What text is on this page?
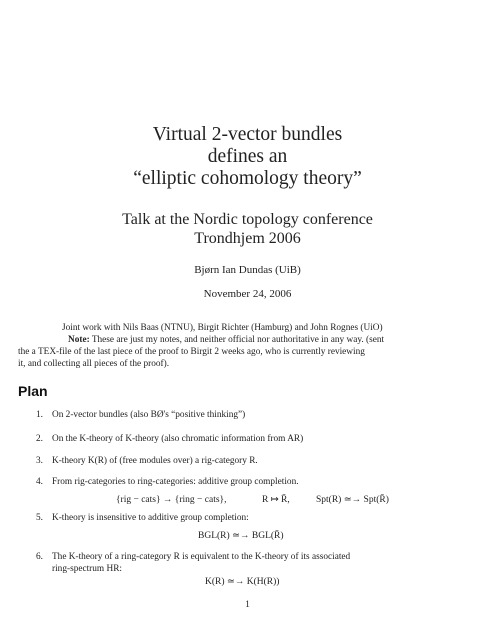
Virtual 2-vector bundles
defines an
“elliptic cohomology theory”
Talk at the Nordic topology conference
Trondhjem 2006
Bjørn Ian Dundas (UiB)
November 24, 2006
Joint work with Nils Baas (NTNU), Birgit Richter (Hamburg) and John Rognes (UiO)
Note: These are just my notes, and neither official nor authoritative in any way. (sent
the a TEX-file of the last piece of the proof to Birgit 2 weeks ago, who is currently reviewing
it, and collecting all pieces of the proof).
Plan
1. On 2-vector bundles (also BØ's “positive thinking”)
2. On the K-theory of K-theory (also chromatic information from AR)
3. K-theory K(R) of (free modules over) a rig-category R.
4. From rig-categories to ring-categories: additive group completion.
{rig − cats} → {ring − cats},	R ↦ R̄,	Spt(R) ≃→ Spt(R̄)
5. K-theory is insensitive to additive group completion:
BGL(R) ≃→ BGL(R̄)
6. The K-theory of a ring-category R is equivalent to the K-theory of its associated
ring-spectrum HR:
K(R) ≃→ K(H(R))
1
